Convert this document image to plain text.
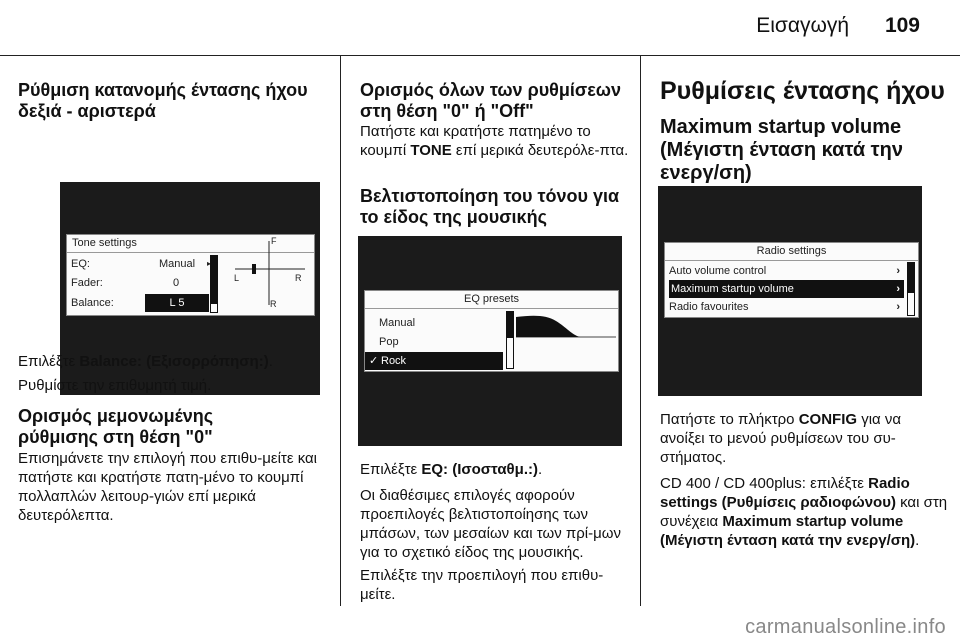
Εισαγωγή 109
Ρύθμιση κατανομής έντασης ήχου δεξιά - αριστερά
Tone settings
EQ:	Manual ▸
Fader:	0
Balance:	L 5
F
L	R
R
Επιλέξτε Balance: (Εξισορρόπηση:).
Ρυθμίστε την επιθυμητή τιμή.
Ορισμός μεμονωμένης ρύθμισης στη θέση "0"
Επισημάνετε την επιλογή που επιθυ-μείτε και πατήστε και κρατήστε πατη-μένο το κουμπί πολλαπλών λειτουρ-γιών επί μερικά δευτερόλεπτα.
Ορισμός όλων των ρυθμίσεων στη θέση "0" ή "Off"
Πατήστε και κρατήστε πατημένο το κουμπί TONE επί μερικά δευτερόλε-πτα.
Βελτιστοποίηση του τόνου για το είδος της μουσικής
EQ presets
Manual
Pop
✓ Rock
Επιλέξτε EQ: (Ισοσταθμ.:).
Οι διαθέσιμες επιλογές αφορούν προεπιλογές βελτιστοποίησης των μπάσων, των μεσαίων και των πρί-μων για το σχετικό είδος της μουσικής.
Επιλέξτε την προεπιλογή που επιθυ-μείτε.
Ρυθμίσεις έντασης ήχου
Maximum startup volume (Μέγιστη ένταση κατά την ενεργ/ση)
Radio settings
Auto volume control	›
Maximum startup volume	›
Radio favourites	›
Πατήστε το πλήκτρο CONFIG για να ανοίξει το μενού ρυθμίσεων του συ-στήματος.
CD 400 / CD 400plus: επιλέξτε Radio settings (Ρυθμίσεις ραδιοφώνου) και στη συνέχεια Maximum startup volume (Μέγιστη ένταση κατά την ενεργ/ση).
carmanualsonline.info
